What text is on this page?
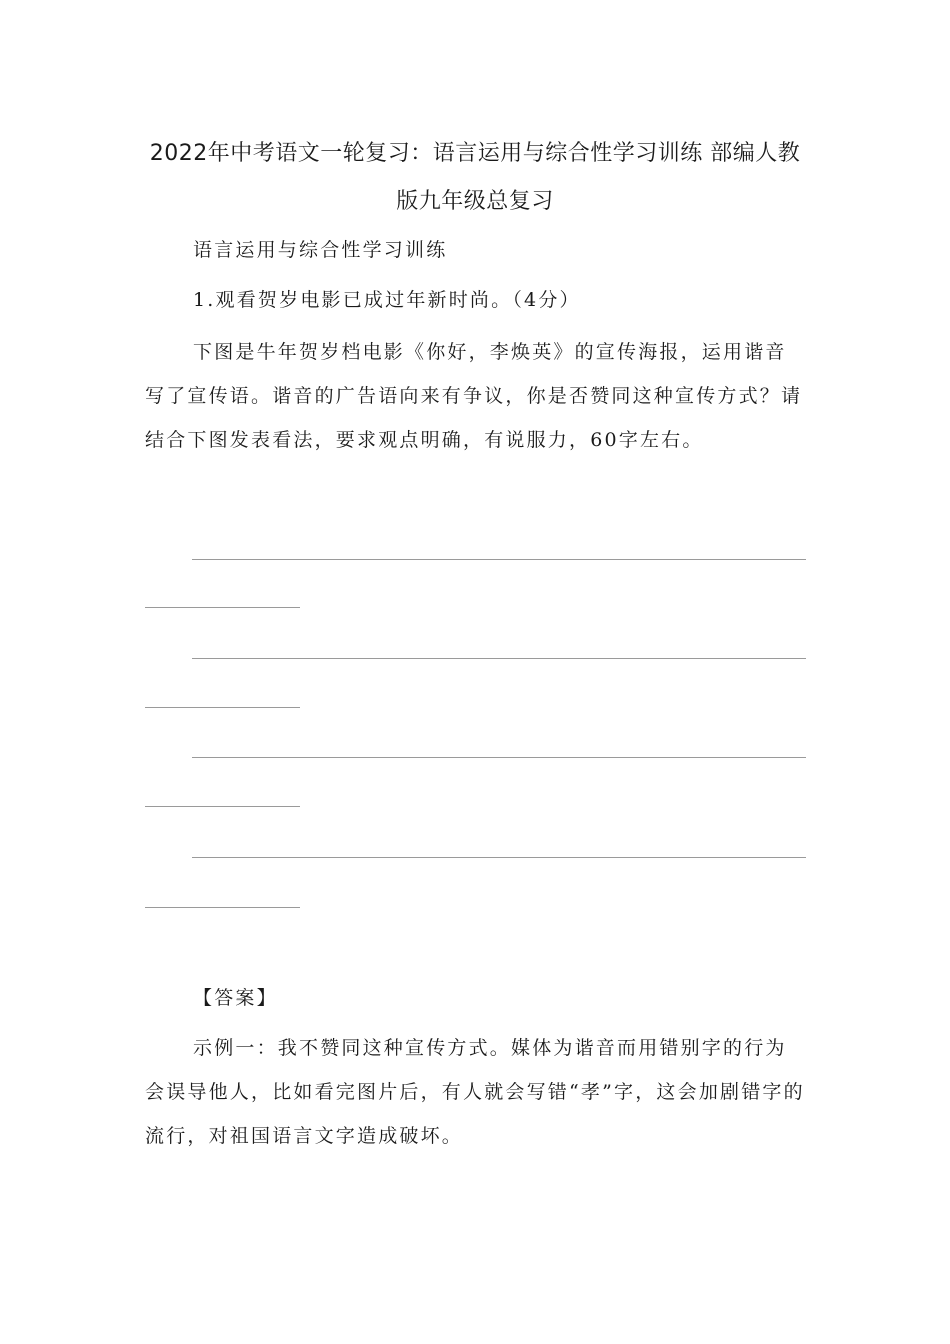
2022年中考语文一轮复习：语言运用与综合性学习训练 部编人教
版九年级总复习

语言运用与综合性学习训练

1.观看贺岁电影已成过年新时尚。（4分）

下图是牛年贺岁档电影《你好，李焕英》的宣传海报，运用谐音写了宣传语。谐音的广告语向来有争议，你是否赞同这种宣传方式？请结合下图发表看法，要求观点明确，有说服力，60字左右。

【答案】

示例一：我不赞同这种宣传方式。媒体为谐音而用错别字的行为会误导他人，比如看完图片后，有人就会写错“孝”字，这会加剧错字的流行，对祖国语言文字造成破坏。
